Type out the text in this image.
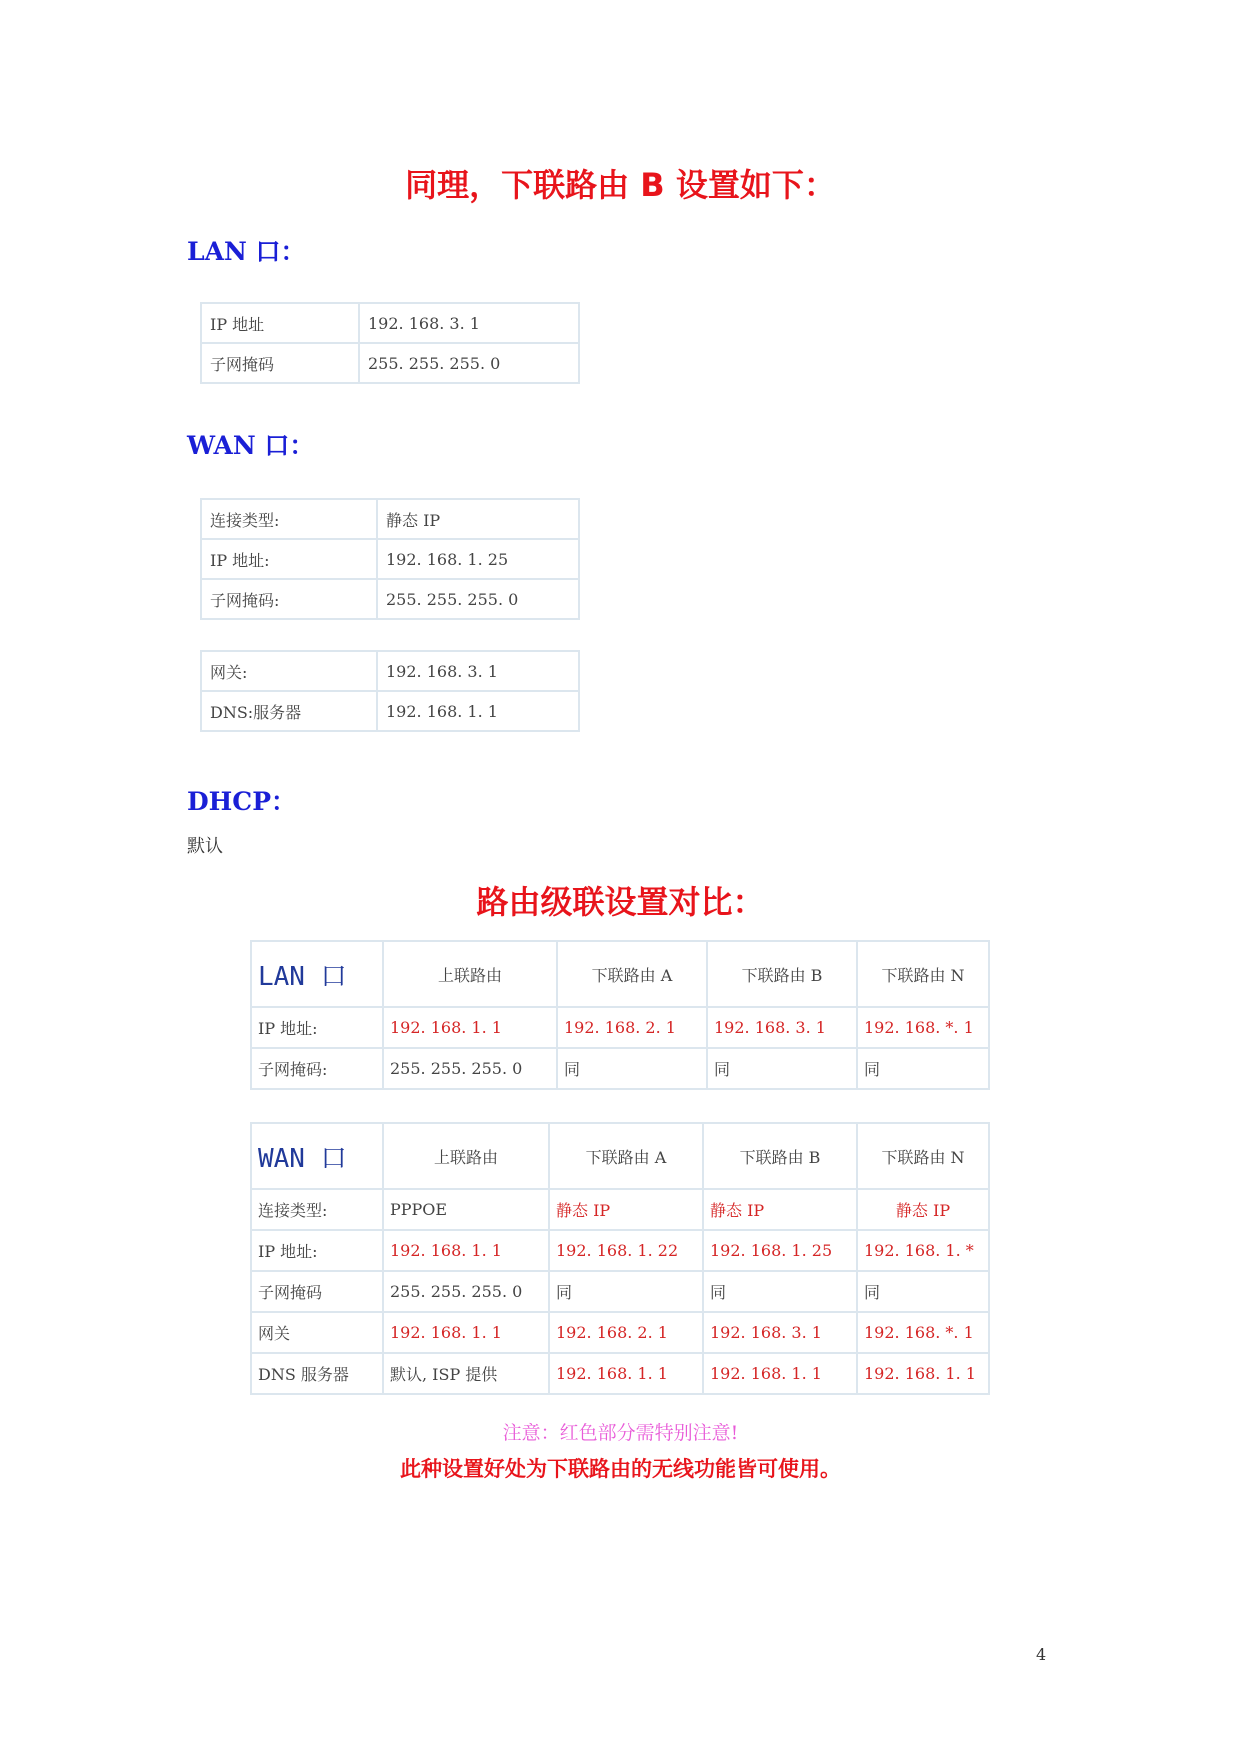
同理，下联路由 B 设置如下：
LAN 口：
IP 地址	192. 168. 3. 1
子网掩码	255. 255. 255. 0
WAN 口：
连接类型:	静态 IP
IP 地址:	192. 168. 1. 25
子网掩码:	255. 255. 255. 0
网关:	192. 168. 3. 1
DNS:服务器	192. 168. 1. 1
DHCP：
默认
路由级联设置对比：
LAN 口	上联路由	下联路由 A	下联路由 B	下联路由 N
IP 地址:	192. 168. 1. 1	192. 168. 2. 1	192. 168. 3. 1	192. 168. *. 1
子网掩码:	255. 255. 255. 0	同	同	同
WAN 口	上联路由	下联路由 A	下联路由 B	下联路由 N
连接类型:	PPPOE	静态 IP	静态 IP	静态 IP
IP 地址:	192. 168. 1. 1	192. 168. 1. 22	192. 168. 1. 25	192. 168. 1. *
子网掩码	255. 255. 255. 0	同	同	同
网关	192. 168. 1. 1	192. 168. 2. 1	192. 168. 3. 1	192. 168. *. 1
DNS 服务器	默认, ISP 提供	192. 168. 1. 1	192. 168. 1. 1	192. 168. 1. 1
注意：红色部分需特别注意!
此种设置好处为下联路由的无线功能皆可使用。
4
